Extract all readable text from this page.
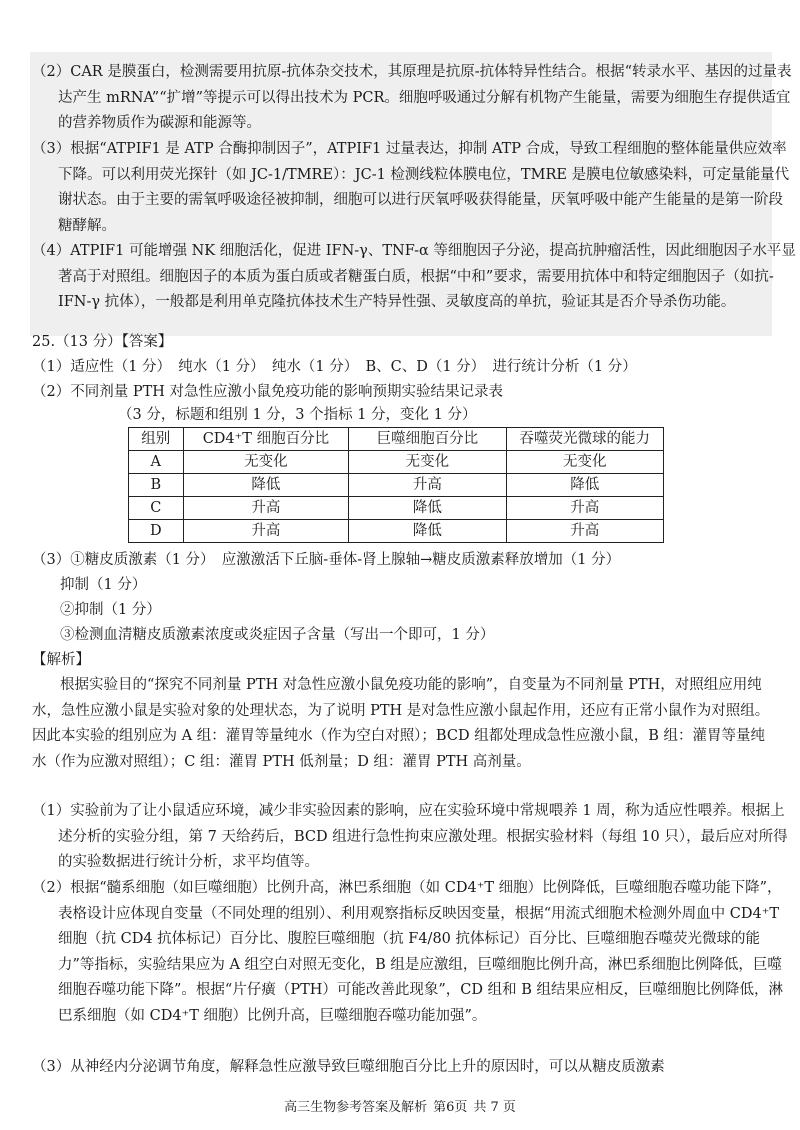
（2）CAR 是膜蛋白，检测需要用抗原-抗体杂交技术，其原理是抗原-抗体特异性结合。根据“转录水平、基因的过量表达产生 mRNA”“扩增”等提示可以得出技术为 PCR。细胞呼吸通过分解有机物产生能量，需要为细胞生存提供适宜的营养物质作为碳源和能源等。
（3）根据“ATPIF1 是 ATP 合酶抑制因子”，ATPIF1 过量表达，抑制 ATP 合成，导致工程细胞的整体能量供应效率下降。可以利用荧光探针（如 JC-1/TMRE）：JC-1 检测线粒体膜电位，TMRE 是膜电位敏感染料，可定量能量代谢状态。由于主要的需氧呼吸途径被抑制，细胞可以进行厌氧呼吸获得能量，厌氧呼吸中能产生能量的是第一阶段糖酵解。
（4）ATPIF1 可能增强 NK 细胞活化，促进 IFN-γ、TNF-α 等细胞因子分泌，提高抗肿瘤活性，因此细胞因子水平显著高于对照组。细胞因子的本质为蛋白质或者糖蛋白质，根据“中和”要求，需要用抗体中和特定细胞因子（如抗-IFN-γ 抗体），一般都是利用单克隆抗体技术生产特异性强、灵敏度高的单抗，验证其是否介导杀伤功能。
25.（13 分）【答案】
（1）适应性（1 分）　纯水（1 分）　纯水（1 分）　B、C、D（1 分）　进行统计分析（1 分）
（2）不同剂量 PTH 对急性应激小鼠免疫功能的影响预期实验结果记录表
（3 分，标题和组别 1 分，3 个指标 1 分，变化 1 分）
组别	CD4⁺T 细胞百分比	巨噬细胞百分比	吞噬荧光微球的能力
A	无变化	无变化	无变化
B	降低	升高	降低
C	升高	降低	升高
D	升高	降低	升高
（3）①糖皮质激素（1 分）　应激激活下丘脑-垂体-肾上腺轴→糖皮质激素释放增加（1 分）
抑制（1 分）
②抑制（1 分）
③检测血清糖皮质激素浓度或炎症因子含量（写出一个即可，1 分）
【解析】
根据实验目的“探究不同剂量 PTH 对急性应激小鼠免疫功能的影响”，自变量为不同剂量 PTH，对照组应用纯水，急性应激小鼠是实验对象的处理状态，为了说明 PTH 是对急性应激小鼠起作用，还应有正常小鼠作为对照组。因此本实验的组别应为 A 组：灌胃等量纯水（作为空白对照）；BCD 组都处理成急性应激小鼠，B 组：灌胃等量纯水（作为应激对照组）；C 组：灌胃 PTH 低剂量；D 组：灌胃 PTH 高剂量。
（1）实验前为了让小鼠适应环境，减少非实验因素的影响，应在实验环境中常规喂养 1 周，称为适应性喂养。根据上述分析的实验分组，第 7 天给药后，BCD 组进行急性拘束应激处理。根据实验材料（每组 10 只），最后应对所得的实验数据进行统计分析，求平均值等。
（2）根据“髓系细胞（如巨噬细胞）比例升高，淋巴系细胞（如 CD4⁺T 细胞）比例降低，巨噬细胞吞噬功能下降”，表格设计应体现自变量（不同处理的组别）、利用观察指标反映因变量，根据“用流式细胞术检测外周血中 CD4⁺T 细胞（抗 CD4 抗体标记）百分比、腹腔巨噬细胞（抗 F4/80 抗体标记）百分比、巨噬细胞吞噬荧光微球的能力”等指标，实验结果应为 A 组空白对照无变化，B 组是应激组，巨噬细胞比例升高，淋巴系细胞比例降低，巨噬细胞吞噬功能下降”。根据“片仔癀（PTH）可能改善此现象”，CD 组和 B 组结果应相反，巨噬细胞比例降低，淋巴系细胞（如 CD4⁺T 细胞）比例升高，巨噬细胞吞噬功能加强”。
（3）从神经内分泌调节角度，解释急性应激导致巨噬细胞百分比上升的原因时，可以从糖皮质激素
高三生物参考答案及解析 第6页 共 7 页
